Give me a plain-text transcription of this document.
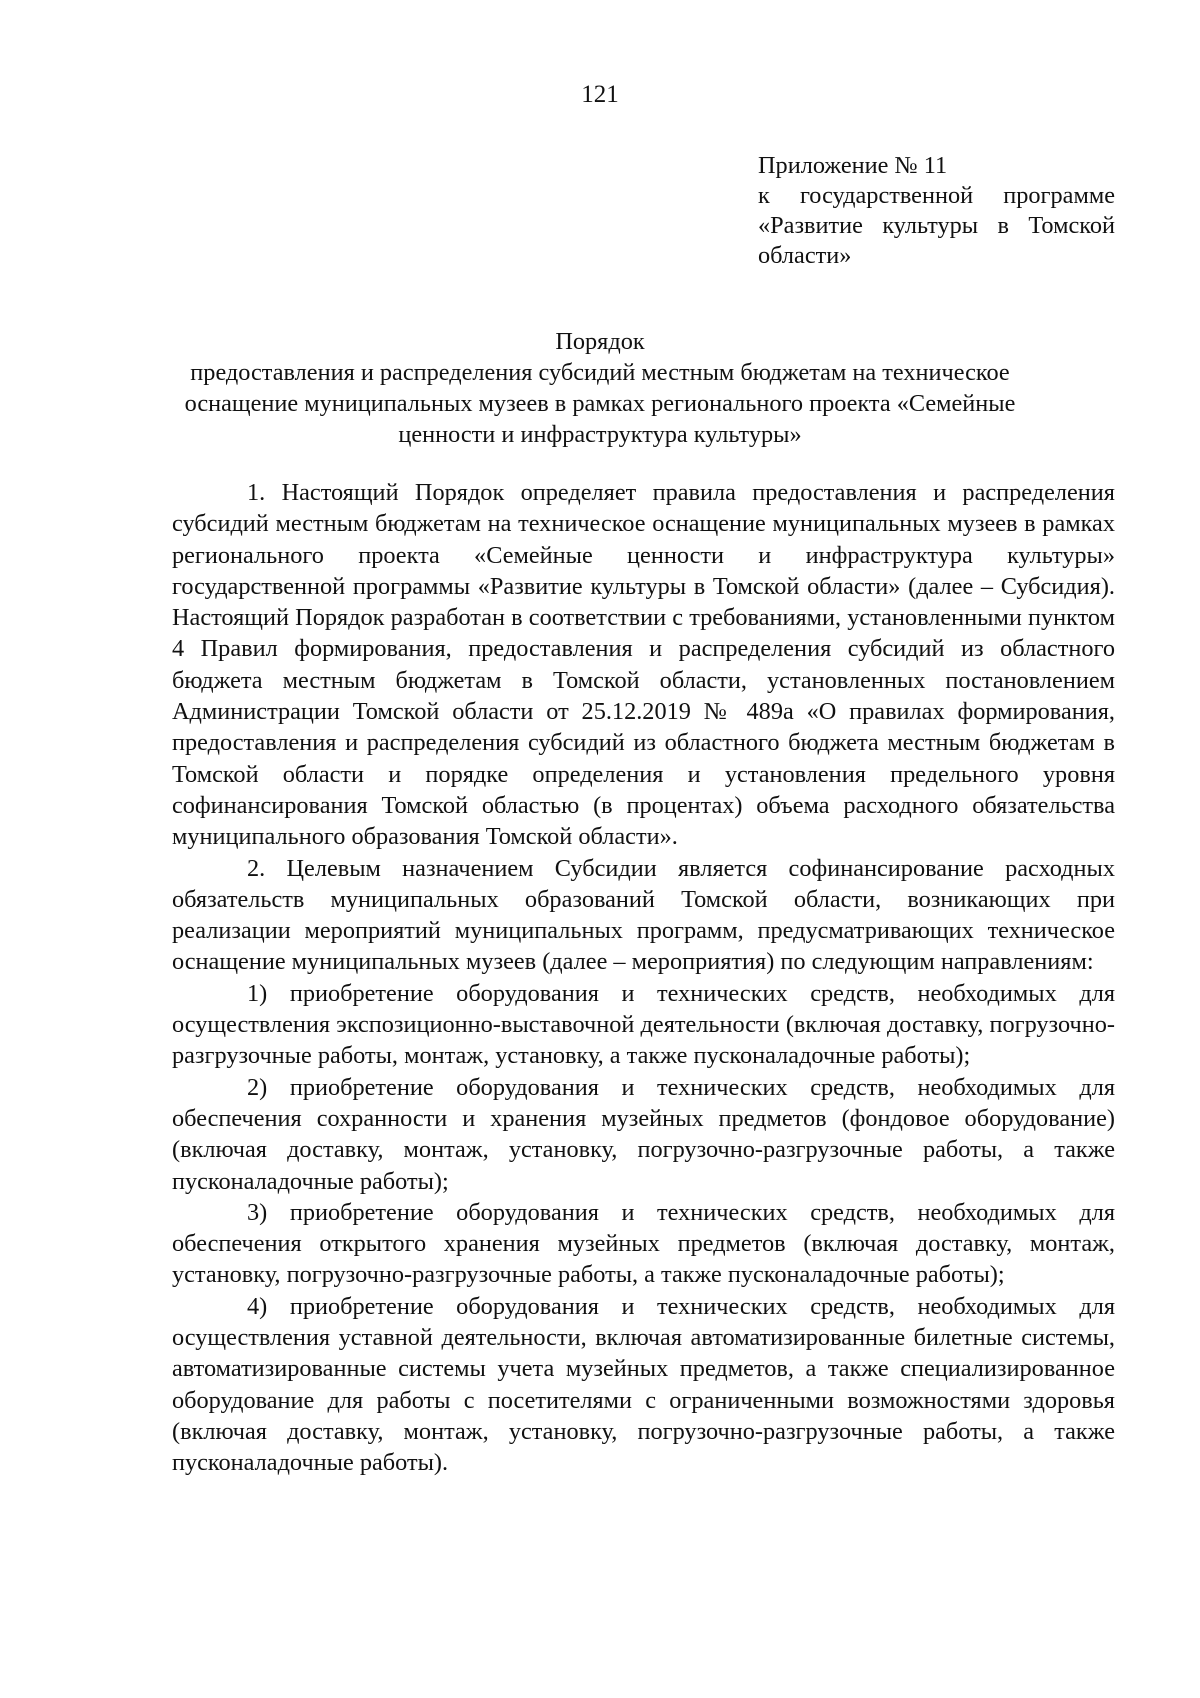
121
Приложение № 11
к государственной программе
«Развитие культуры в Томской
области»
Порядок
предоставления и распределения субсидий местным бюджетам на техническое
оснащение муниципальных музеев в рамках регионального проекта «Семейные
ценности и инфраструктура культуры»

1. Настоящий Порядок определяет правила предоставления и распределения субсидий местным бюджетам на техническое оснащение муниципальных музеев в рамках регионального проекта «Семейные ценности и инфраструктура культуры» государственной программы «Развитие культуры в Томской области» (далее – Субсидия). Настоящий Порядок разработан в соответствии с требованиями, установленными пунктом 4 Правил формирования, предоставления и распределения субсидий из областного бюджета местным бюджетам в Томской области, установленных постановлением Администрации Томской области от 25.12.2019 № 489а «О правилах формирования, предоставления и распределения субсидий из областного бюджета местным бюджетам в Томской области и порядке определения и установления предельного уровня софинансирования Томской областью (в процентах) объема расходного обязательства муниципального образования Томской области».

2. Целевым назначением Субсидии является софинансирование расходных обязательств муниципальных образований Томской области, возникающих при реализации мероприятий муниципальных программ, предусматривающих техническое оснащение муниципальных музеев (далее – мероприятия) по следующим направлениям:

1) приобретение оборудования и технических средств, необходимых для осуществления экспозиционно-выставочной деятельности (включая доставку, погрузочно-разгрузочные работы, монтаж, установку, а также пусконаладочные работы);

2) приобретение оборудования и технических средств, необходимых для обеспечения сохранности и хранения музейных предметов (фондовое оборудование) (включая доставку, монтаж, установку, погрузочно-разгрузочные работы, а также пусконаладочные работы);

3) приобретение оборудования и технических средств, необходимых для обеспечения открытого хранения музейных предметов (включая доставку, монтаж, установку, погрузочно-разгрузочные работы, а также пусконаладочные работы);

4) приобретение оборудования и технических средств, необходимых для осуществления уставной деятельности, включая автоматизированные билетные системы, автоматизированные системы учета музейных предметов, а также специализированное оборудование для работы с посетителями с ограниченными возможностями здоровья (включая доставку, монтаж, установку, погрузочно-разгрузочные работы, а также пусконаладочные работы).
